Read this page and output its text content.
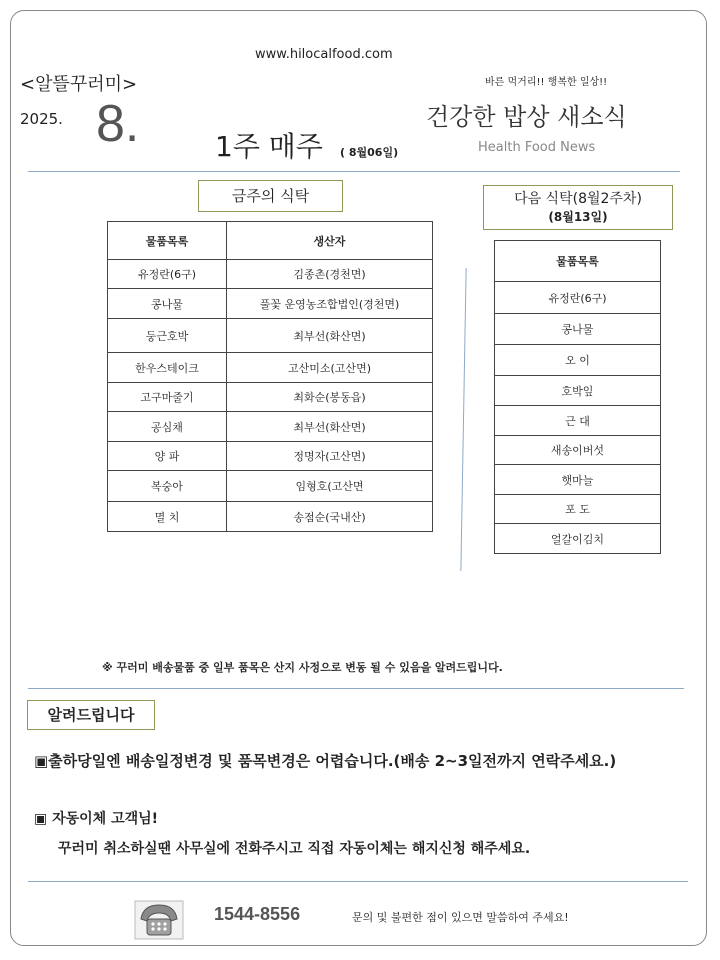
www.hilocalfood.com
<알뜰꾸러미>	바른 먹거리!! 행복한 일상!!
2025. 8.	1주 매주 ( 8월06일)
건강한 밥상 새소식
Health Food News
금주의 식탁
물품목록	생산자
유정란(6구)	김종촌(경천면)
콩나물	풀꽃 운영농조합법인(경천면)
둥근호박	최부선(화산면)
한우스테이크	고산미소(고산면)
고구마줄기	최화순(봉동읍)
공심채	최부선(화산면)
양 파	정명자(고산면)
복숭아	임형호(고산면
멸 치	송점순(국내산)
다음 식탁(8월2주차)
(8월13일)
물품목록
유정란(6구)
콩나물
오 이
호박잎
근 대
새송이버섯
햇마늘
포 도
얼갈이김치
※ 꾸러미 배송물품 중 일부 품목은 산지 사정으로 변동 될 수 있음을 알려드립니다.
알려드립니다
▣출하당일엔 배송일정변경 및 품목변경은 어렵습니다.(배송 2~3일전까지 연락주세요.)
▣ 자동이체 고객님!
꾸러미 취소하실땐 사무실에 전화주시고 직접 자동이체는 해지신청 해주세요.
1544-8556	문의 및 불편한 점이 있으면 말씀하여 주세요!
